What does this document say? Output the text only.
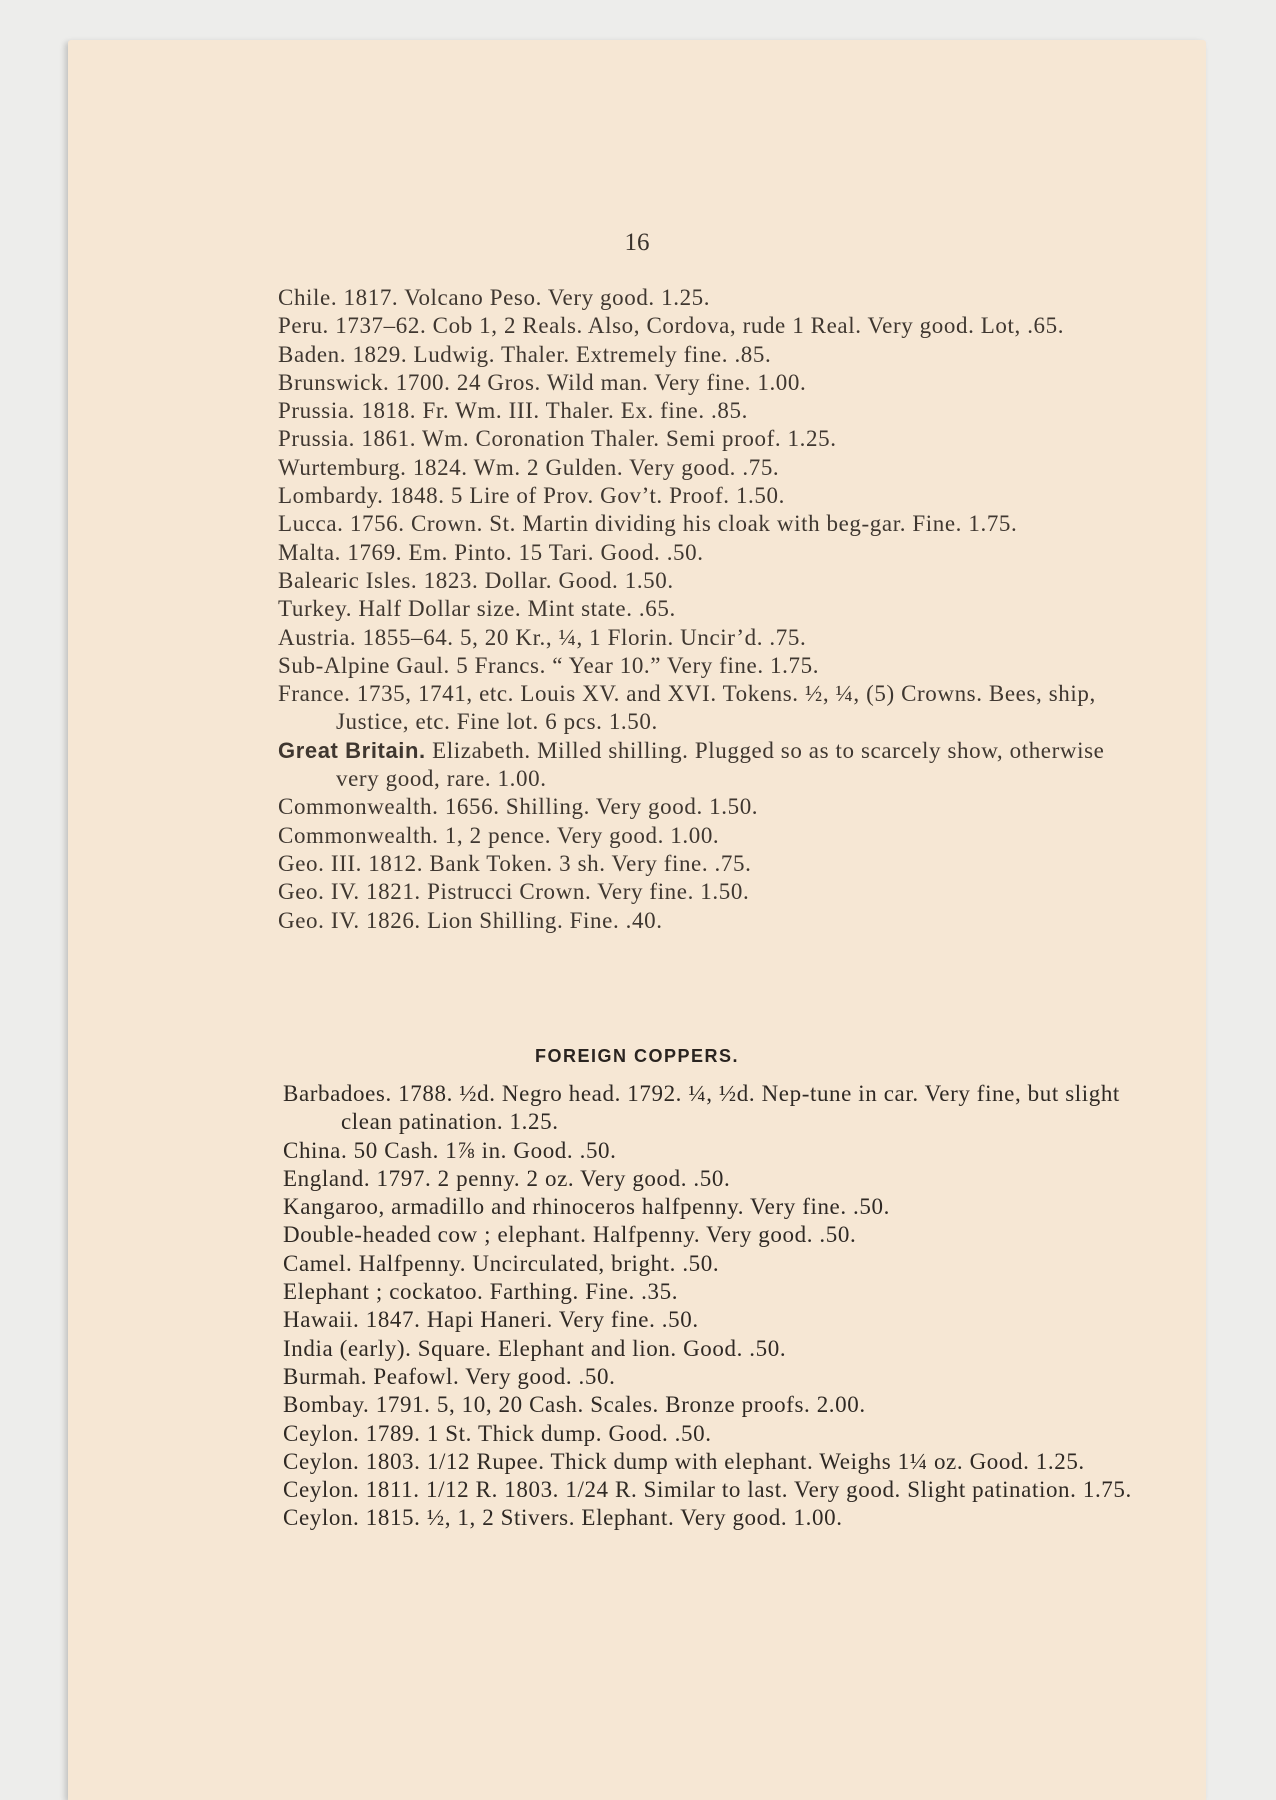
16
Chile. 1817. Volcano Peso. Very good. 1.25.
Peru. 1737–62. Cob 1, 2 Reals. Also, Cordova, rude 1 Real. Very good. Lot, .65.
Baden. 1829. Ludwig. Thaler. Extremely fine. .85.
Brunswick. 1700. 24 Gros. Wild man. Very fine. 1.00.
Prussia. 1818. Fr. Wm. III. Thaler. Ex. fine. .85.
Prussia. 1861. Wm. Coronation Thaler. Semi proof. 1.25.
Wurtemburg. 1824. Wm. 2 Gulden. Very good. .75.
Lombardy. 1848. 5 Lire of Prov. Gov’t. Proof. 1.50.
Lucca. 1756. Crown. St. Martin dividing his cloak with beg-gar. Fine. 1.75.
Malta. 1769. Em. Pinto. 15 Tari. Good. .50.
Balearic Isles. 1823. Dollar. Good. 1.50.
Turkey. Half Dollar size. Mint state. .65.
Austria. 1855–64. 5, 20 Kr., ¼, 1 Florin. Uncir’d. .75.
Sub-Alpine Gaul. 5 Francs. “ Year 10.” Very fine. 1.75.
France. 1735, 1741, etc. Louis XV. and XVI. Tokens. ½, ¼, (5) Crowns. Bees, ship, Justice, etc. Fine lot. 6 pcs. 1.50.
Great Britain. Elizabeth. Milled shilling. Plugged so as to scarcely show, otherwise very good, rare. 1.00.
Commonwealth. 1656. Shilling. Very good. 1.50.
Commonwealth. 1, 2 pence. Very good. 1.00.
Geo. III. 1812. Bank Token. 3 sh. Very fine. .75.
Geo. IV. 1821. Pistrucci Crown. Very fine. 1.50.
Geo. IV. 1826. Lion Shilling. Fine. .40.
FOREIGN COPPERS.
Barbadoes. 1788. ½d. Negro head. 1792. ¼, ½d. Nep-tune in car. Very fine, but slight clean patination. 1.25.
China. 50 Cash. 1⅞ in. Good. .50.
England. 1797. 2 penny. 2 oz. Very good. .50.
Kangaroo, armadillo and rhinoceros halfpenny. Very fine. .50.
Double-headed cow ; elephant. Halfpenny. Very good. .50.
Camel. Halfpenny. Uncirculated, bright. .50.
Elephant ; cockatoo. Farthing. Fine. .35.
Hawaii. 1847. Hapi Haneri. Very fine. .50.
India (early). Square. Elephant and lion. Good. .50.
Burmah. Peafowl. Very good. .50.
Bombay. 1791. 5, 10, 20 Cash. Scales. Bronze proofs. 2.00.
Ceylon. 1789. 1 St. Thick dump. Good. .50.
Ceylon. 1803. 1/12 Rupee. Thick dump with elephant. Weighs 1¼ oz. Good. 1.25.
Ceylon. 1811. 1/12 R. 1803. 1/24 R. Similar to last. Very good. Slight patination. 1.75.
Ceylon. 1815. ½, 1, 2 Stivers. Elephant. Very good. 1.00.
